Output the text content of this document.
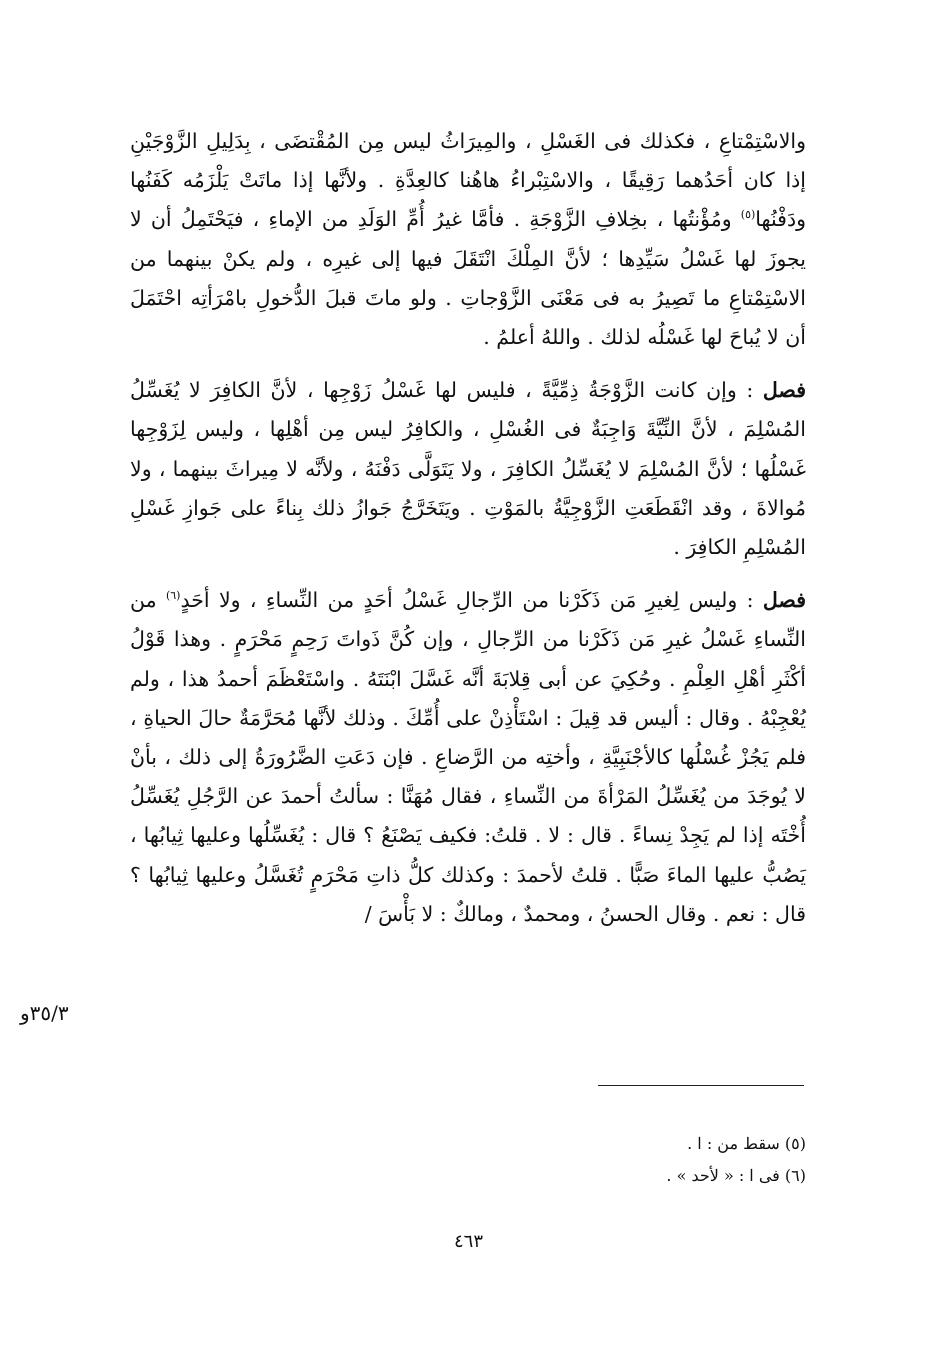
والاسْتِمْتاعِ ، فكذلك فى الغَسْلِ ، والمِيرَاثُ ليس مِن المُقْتضَى ، بِدَلِيلِ الزَّوْجَيْنِ إذا كان أحَدُهما رَقِيقًا ، والاسْتِبْراءُ هاهُنا كالعِدَّةِ . ولأنَّها إذا ماتَتْ يَلْزَمُه كَفَنُها ودَفْنُها$^{(٥)}$ ومُؤْنتُها ، بخِلافِ الزَّوْجَةِ . فأمَّا غيرُ أُمِّ الوَلَدِ من الإماءِ ، فيَحْتَمِلُ أن لا يجوزَ لها غَسْلُ سَيِّدِها ؛ لأنَّ المِلْكَ انْتَقَلَ فيها إلى غيرِه ، ولم يكنْ بينهما من الاسْتِمْتاعِ ما تَصِيرُ به فى مَعْنَى الزَّوْجاتِ . ولو ماتَ قبلَ الدُّخولِ بامْرَأتِه احْتَمَلَ أن لا يُباحَ لها غَسْلُه لذلك . واللهُ أعلمُ .

فصل : وإن كانت الزَّوْجَةُ ذِمِّيَّةً ، فليس لها غَسْلُ زَوْجِها ، لأنَّ الكافِرَ لا يُغَسِّلُ المُسْلِمَ ، لأنَّ النِّيَّةَ وَاجِبَةٌ فى الغُسْلِ ، والكافِرُ ليس مِن أهْلِها ، وليس لِزَوْجِها غَسْلُها ؛ لأنَّ المُسْلِمَ لا يُغَسِّلُ الكافِرَ ، ولا يَتَوَلَّى دَفْنَهُ ، ولأنَّه لا مِيراثَ بينهما ، ولا مُوالاةَ ، وقد انْقَطَعَتِ الزَّوْجِيَّةُ بالمَوْتِ . ويَتَخَرَّجُ جَوازُ ذلك بِناءً على جَوازِ غَسْلِ المُسْلِمِ الكافِرَ .

فصل : وليس لِغيرِ مَن ذَكَرْنا من الرِّجالِ غَسْلُ أحَدٍ من النِّساءِ ، ولا أحَدٍ$^{(٦)}$ من النِّساءِ غَسْلُ غيرِ مَن ذَكَرْنا من الرِّجالِ ، وإن كُنَّ ذَواتَ رَحِمٍ مَحْرَمٍ . وهذا قَوْلُ أكْثَرِ أهْلِ العِلْمِ . وحُكِيَ عن أبى قِلابَةَ أنَّه غَسَّلَ ابْنَتَهُ . واسْتَعْظَمَ أحمدُ هذا ، ولم يُعْجِبْهُ . وقال : أليس قد قِيلَ : اسْتَأْذِنْ على أُمِّكَ . وذلك لأنَّها مُحَرَّمَةٌ حالَ الحياةِ ، فلم يَجُزْ غُسْلُها كالأجْنَبِيَّةِ ، وأختِه من الرَّضاعِ . فإن دَعَتِ الضَّرُورَةُ إلى ذلك ، بأنْ لا يُوجَدَ من يُغَسِّلُ المَرْأةَ من النِّساءِ ، فقال مُهَنَّا : سألتُ أحمدَ عن الرَّجُلِ يُغَسِّلُ أُخْتَه إذا لم يَجِدْ نِساءً . قال : لا . قلتُ: فكيف يَصْنَعُ ؟ قال : يُغَسِّلُها وعليها ثِيابُها ، يَصُبُّ عليها الماءَ صَبًّا . قلتُ لأحمدَ : وكذلك كلُّ ذاتِ مَحْرَمٍ تُغَسَّلُ وعليها ثِيابُها ؟ قال : نعم . وقال الحسنُ ، ومحمدٌ ، ومالكٌ : لا بَأْسَ /

٣٥/٣و

(٥) سقط من : ا .

(٦) فى ا : « لأحد » .

٤٦٣
